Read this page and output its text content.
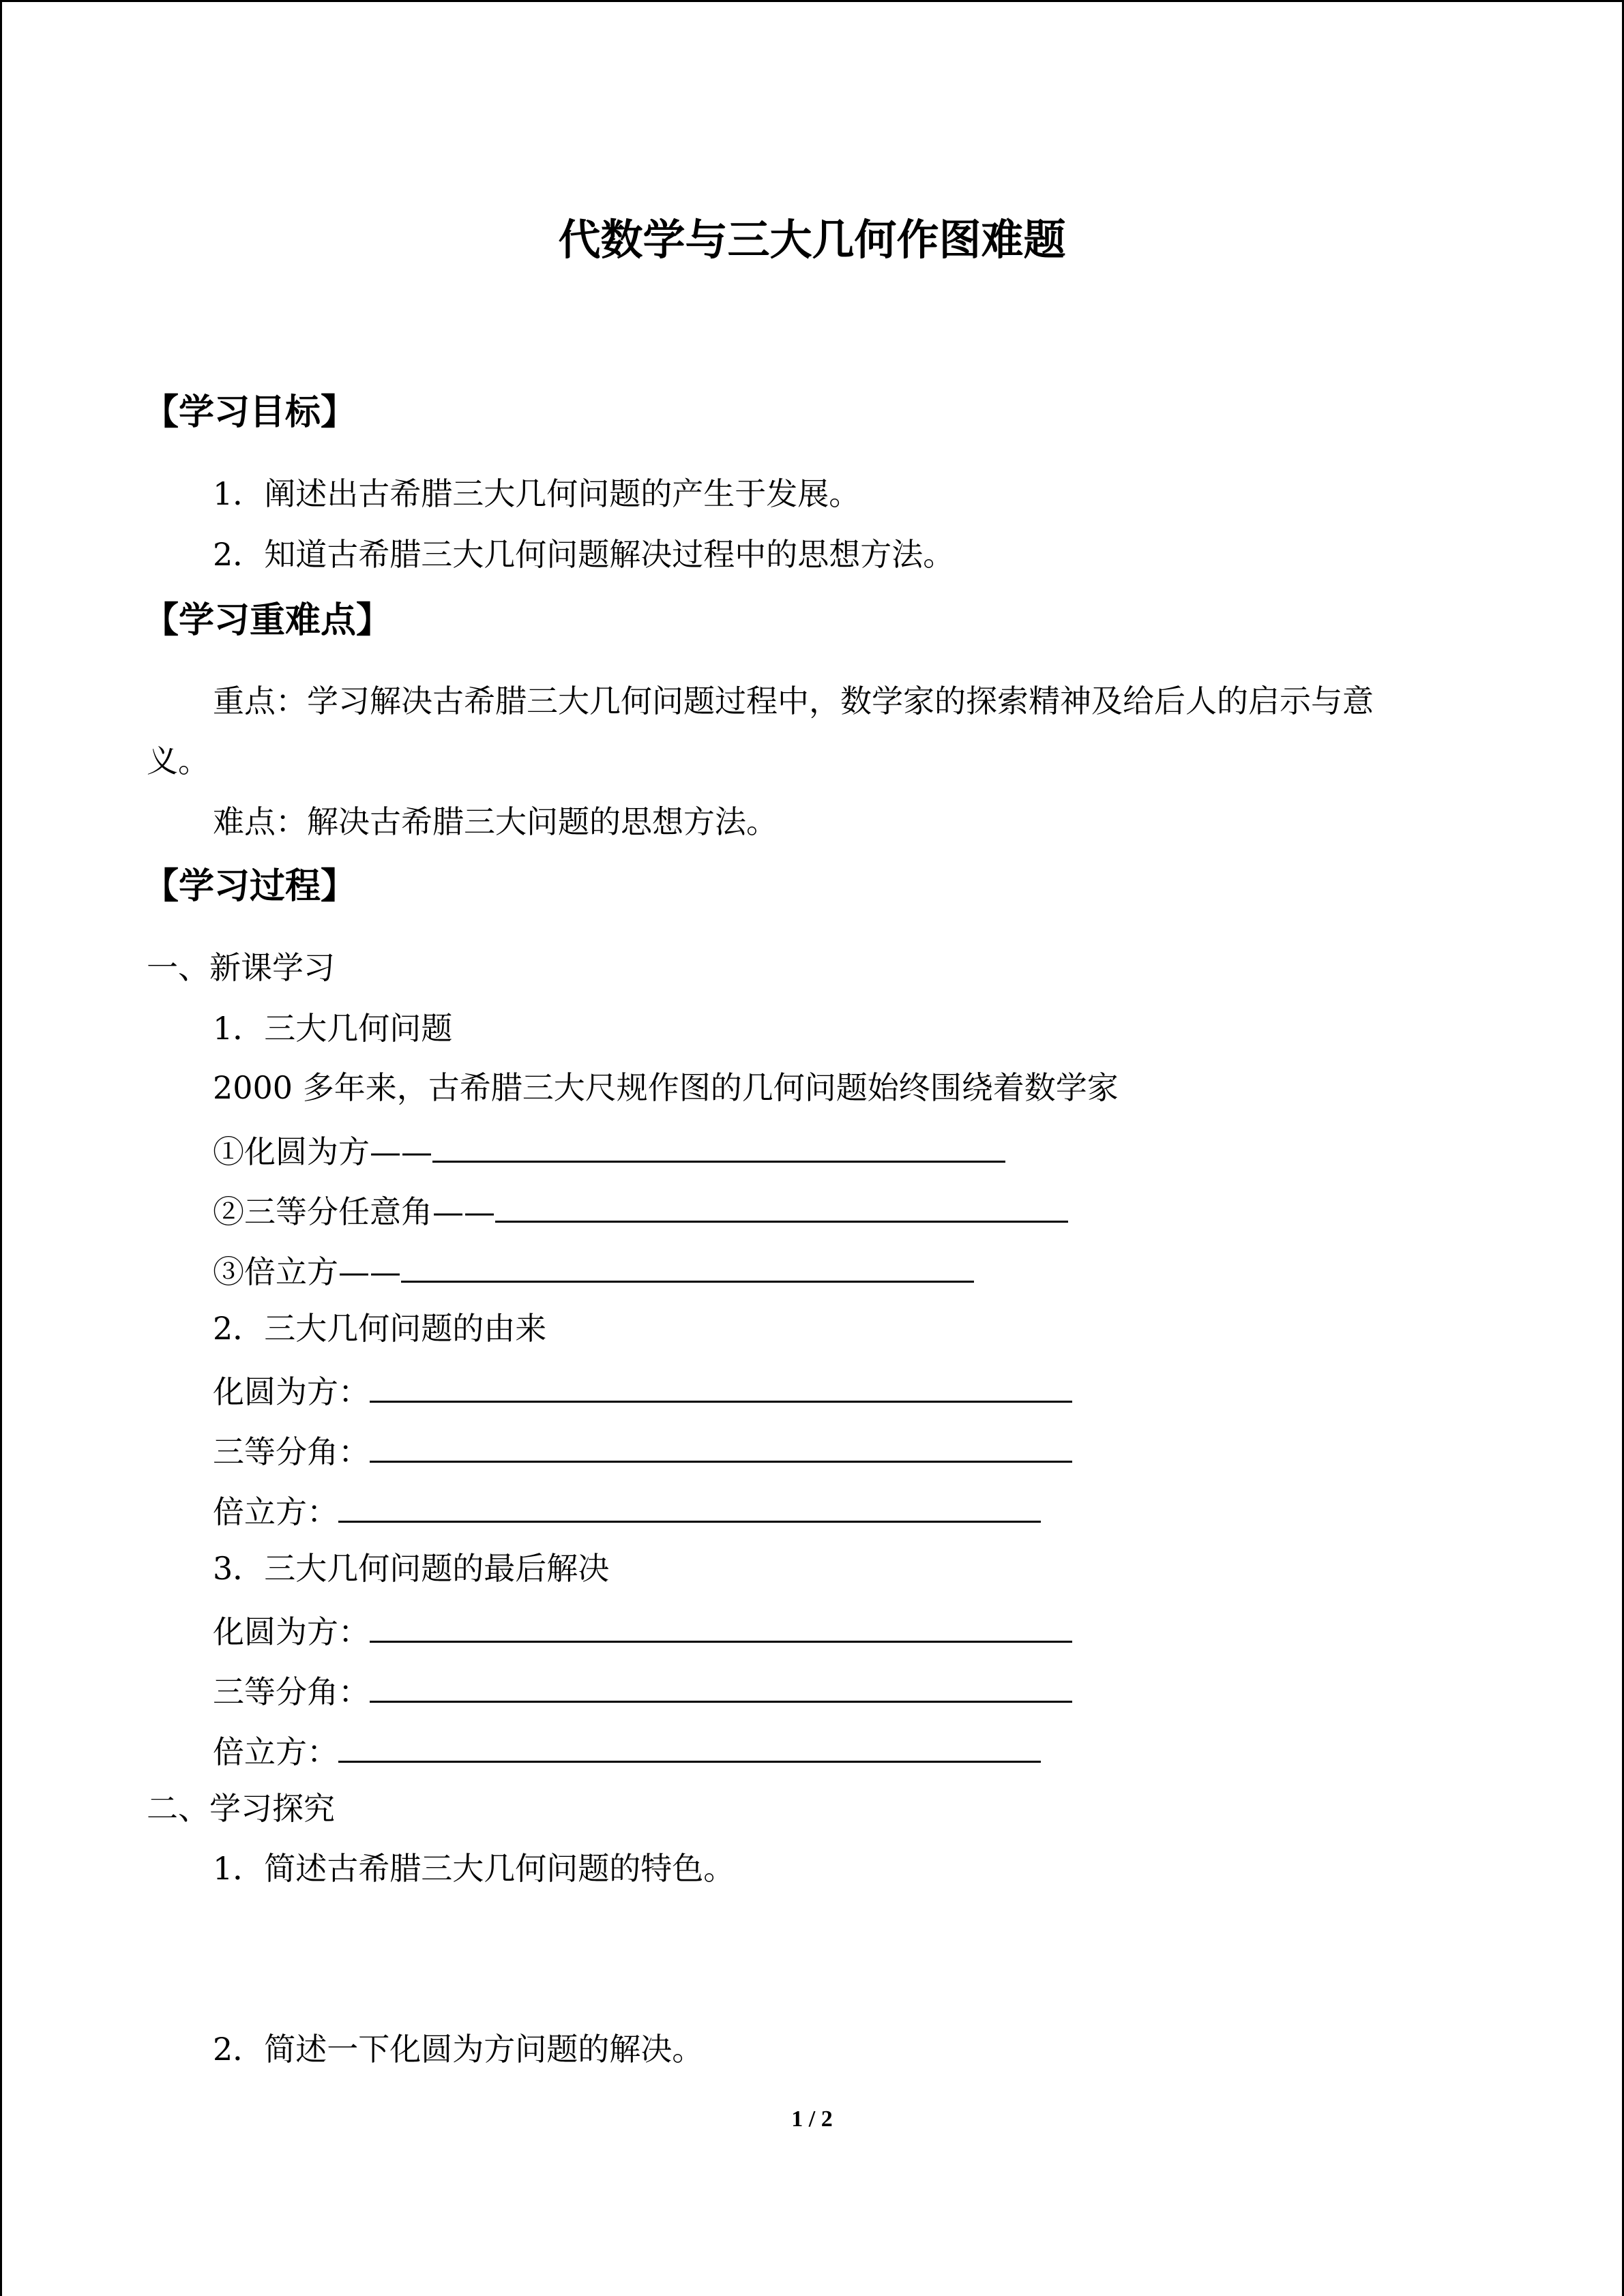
代数学与三大几何作图难题
【学习目标】
1．阐述出古希腊三大几何问题的产生于发展。
2．知道古希腊三大几何问题解决过程中的思想方法。
【学习重难点】
重点：学习解决古希腊三大几何问题过程中，数学家的探索精神及给后人的启示与意
义。
难点：解决古希腊三大问题的思想方法。
【学习过程】
一、新课学习
1．三大几何问题
2000 多年来，古希腊三大尺规作图的几何问题始终围绕着数学家
①化圆为方——
②三等分任意角——
③倍立方——
2．三大几何问题的由来
化圆为方：
三等分角：
倍立方：
3．三大几何问题的最后解决
化圆为方：
三等分角：
倍立方：
二、学习探究
1．简述古希腊三大几何问题的特色。
2．简述一下化圆为方问题的解决。
1 / 2
